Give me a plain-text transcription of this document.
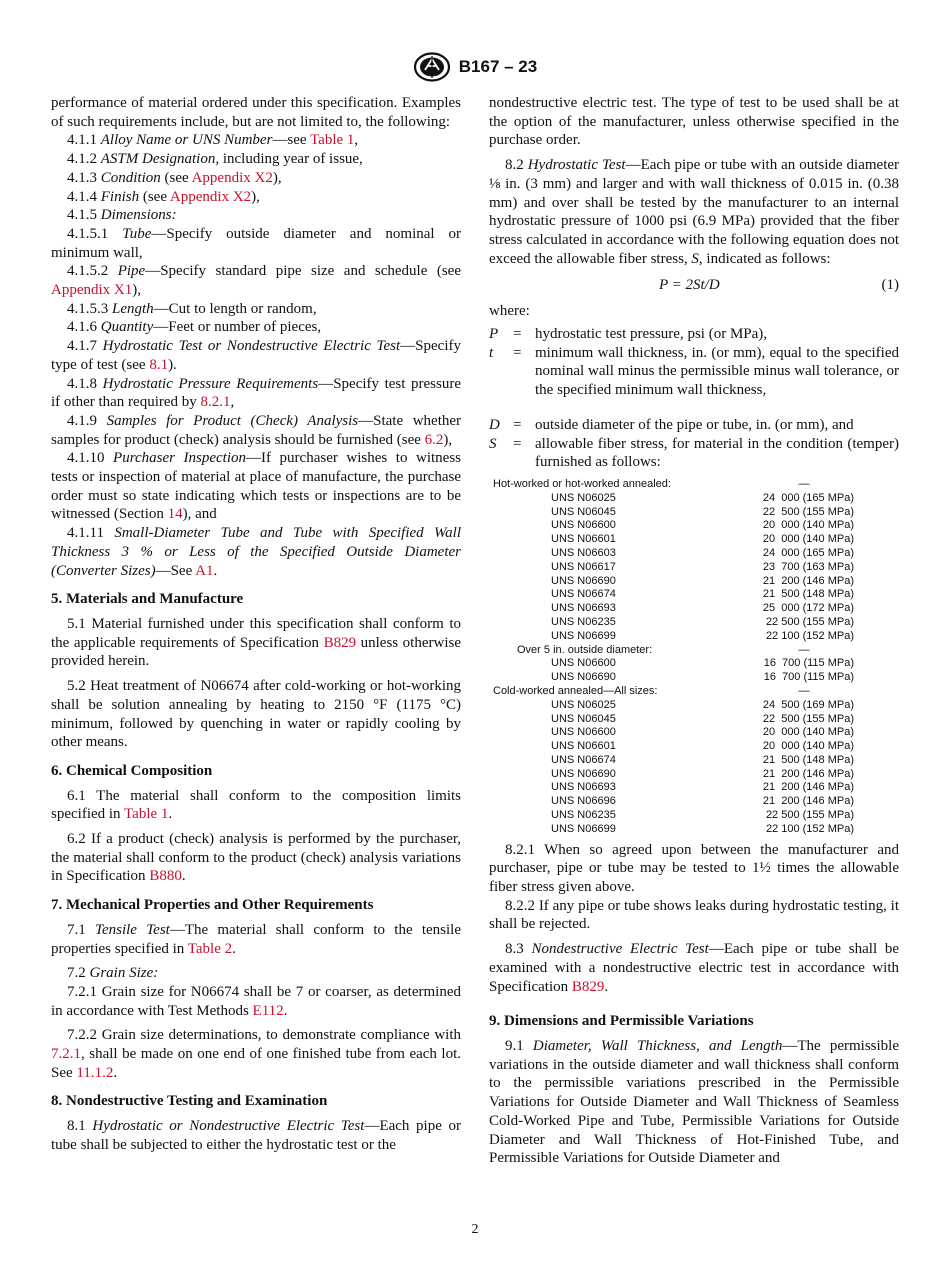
B167 – 23

performance of material ordered under this specification. Examples of such requirements include, but are not limited to, the following:

4.1.1 Alloy Name or UNS Number—see Table 1,

4.1.2 ASTM Designation, including year of issue,

4.1.3 Condition (see Appendix X2),

4.1.4 Finish (see Appendix X2),

4.1.5 Dimensions:

4.1.5.1 Tube—Specify outside diameter and nominal or minimum wall,

4.1.5.2 Pipe—Specify standard pipe size and schedule (see Appendix X1),

4.1.5.3 Length—Cut to length or random,

4.1.6 Quantity—Feet or number of pieces,

4.1.7 Hydrostatic Test or Nondestructive Electric Test—Specify type of test (see 8.1).

4.1.8 Hydrostatic Pressure Requirements—Specify test pressure if other than required by 8.2.1,

4.1.9 Samples for Product (Check) Analysis—State whether samples for product (check) analysis should be furnished (see 6.2),

4.1.10 Purchaser Inspection—If purchaser wishes to witness tests or inspection of material at place of manufacture, the purchase order must so state indicating which tests or inspections are to be witnessed (Section 14), and

4.1.11 Small-Diameter Tube and Tube with Specified Wall Thickness 3 % or Less of the Specified Outside Diameter (Converter Sizes)—See A1.

5. Materials and Manufacture

5.1 Material furnished under this specification shall conform to the applicable requirements of Specification B829 unless otherwise provided herein.

5.2 Heat treatment of N06674 after cold-working or hot-working shall be solution annealing by heating to 2150 °F (1175 °C) minimum, followed by quenching in water or rapidly cooling by other means.

6. Chemical Composition

6.1 The material shall conform to the composition limits specified in Table 1.

6.2 If a product (check) analysis is performed by the purchaser, the material shall conform to the product (check) analysis variations in Specification B880.

7. Mechanical Properties and Other Requirements

7.1 Tensile Test—The material shall conform to the tensile properties specified in Table 2.

7.2 Grain Size:

7.2.1 Grain size for N06674 shall be 7 or coarser, as determined in accordance with Test Methods E112.

7.2.2 Grain size determinations, to demonstrate compliance with 7.2.1, shall be made on one end of one finished tube from each lot. See 11.1.2.

8. Nondestructive Testing and Examination

8.1 Hydrostatic or Nondestructive Electric Test—Each pipe or tube shall be subjected to either the hydrostatic test or the

nondestructive electric test. The type of test to be used shall be at the option of the manufacturer, unless otherwise specified in the purchase order.

8.2 Hydrostatic Test—Each pipe or tube with an outside diameter ⅛ in. (3 mm) and larger and with wall thickness of 0.015 in. (0.38 mm) and over shall be tested by the manufacturer to an internal hydrostatic pressure of 1000 psi (6.9 MPa) provided that the fiber stress calculated in accordance with the following equation does not exceed the allowable fiber stress, S, indicated as follows:

P = 2St/D	(1)

where:

P = hydrostatic test pressure, psi (or MPa),
t	= minimum wall thickness, in. (or mm), equal to the specified nominal wall minus the permissible minus wall tolerance, or the specified minimum wall thickness,
D = outside diameter of the pipe or tube, in. (or mm), and
S	= allowable fiber stress, for material in the condition (temper) furnished as follows:
Hot-worked or hot-worked annealed:	—
UNS N06025	24  000 (165 MPa)
UNS N06045	22  500 (155 MPa)
UNS N06600	20  000 (140 MPa)
UNS N06601	20  000 (140 MPa)
UNS N06603	24  000 (165 MPa)
UNS N06617	23  700 (163 MPa)
UNS N06690	21  200 (146 MPa)
UNS N06674	21  500 (148 MPa)
UNS N06693	25  000 (172 MPa)
UNS N06235	22 500 (155 MPa)
UNS N06699	22 100 (152 MPa)
Over 5 in. outside diameter:	—
UNS N06600	16  700 (115 MPa)
UNS N06690	16  700 (115 MPa)
Cold-worked annealed—All sizes:	—
UNS N06025	24  500 (169 MPa)
UNS N06045	22  500 (155 MPa)
UNS N06600	20  000 (140 MPa)
UNS N06601	20  000 (140 MPa)
UNS N06674	21  500 (148 MPa)
UNS N06690	21  200 (146 MPa)
UNS N06693	21  200 (146 MPa)
UNS N06696	21  200 (146 MPa)
UNS N06235	22 500 (155 MPa)
UNS N06699	22 100 (152 MPa)

8.2.1 When so agreed upon between the manufacturer and purchaser, pipe or tube may be tested to 1½ times the allowable fiber stress given above.

8.2.2 If any pipe or tube shows leaks during hydrostatic testing, it shall be rejected.

8.3 Nondestructive Electric Test—Each pipe or tube shall be examined with a nondestructive electric test in accordance with Specification B829.

9. Dimensions and Permissible Variations

9.1 Diameter, Wall Thickness, and Length—The permissible variations in the outside diameter and wall thickness shall conform to the permissible variations prescribed in the Permissible Variations for Outside Diameter and Wall Thickness of Seamless Cold-Worked Pipe and Tube, Permissible Variations for Outside Diameter and Wall Thickness of Hot-Finished Tube, and Permissible Variations for Outside Diameter and

2
